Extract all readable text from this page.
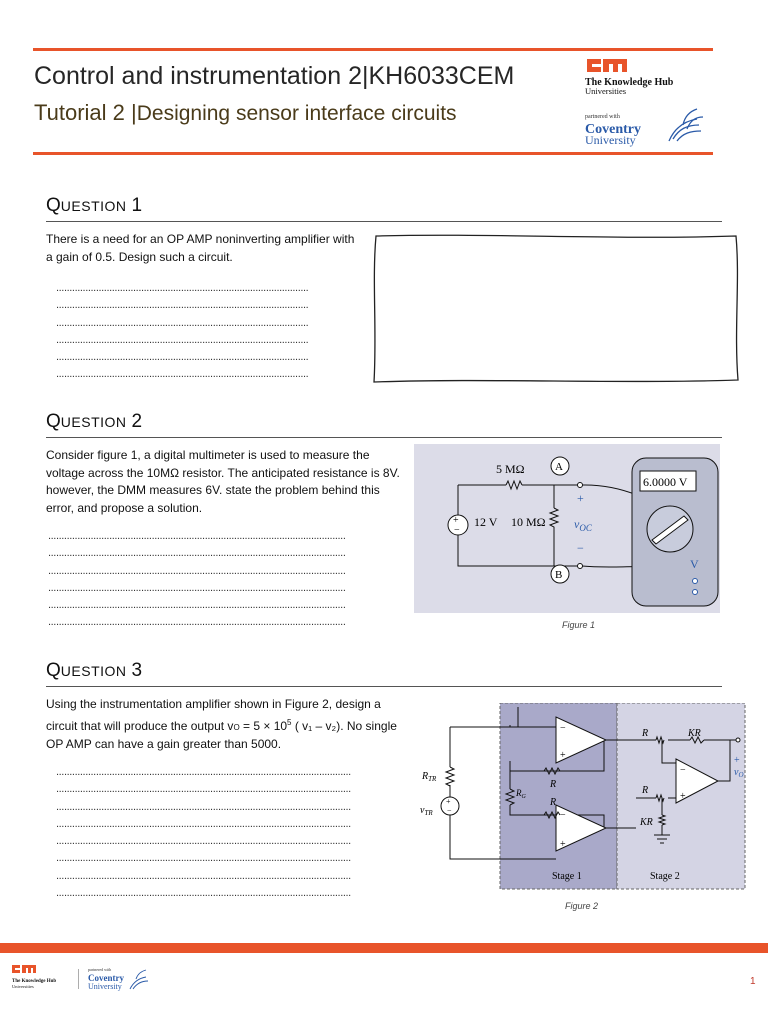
Control and instrumentation 2|KH6033CEM
Tutorial 2 |Designing sensor interface circuits
The Knowledge Hub
Universities
partnered with
Coventry
University
QUESTION 1
There is a need for an OP AMP noninverting amplifier with a gain of 0.5. Design such a circuit.
...............................................................................................
...............................................................................................
...............................................................................................
...............................................................................................
...............................................................................................
...............................................................................................
QUESTION 2
Consider figure 1, a digital multimeter is used to measure the voltage across the 10MΩ resistor. The anticipated resistance is 8V. however, the DMM measures 6V. state the problem behind this error, and propose a solution.
................................................................................................................
................................................................................................................
................................................................................................................
................................................................................................................
................................................................................................................
................................................................................................................
+
−
12 V 10 MΩ
5 MΩ	A
B
+
−
$v_{OC}$
6.0000 V
V
Figure 1
QUESTION 3
Using the instrumentation amplifier shown in Figure 2, design a circuit that will produce the output vO = $5 \times 10^5$ ( v₁ – v₂). No single OP AMP can have a gain greater than 5000.
...............................................................................................................
...............................................................................................................
...............................................................................................................
...............................................................................................................
...............................................................................................................
...............................................................................................................
...............................................................................................................
...............................................................................................................
−
+
−
+
−
+
+
−
$R_{TR}$
$v_{TR}$
$R_G$
R
R
R	KR
R
KR
+
$v_O$
Stage 1	Stage 2
Figure 2
The Knowledge Hub
Universities
partnered with
Coventry
University	1
